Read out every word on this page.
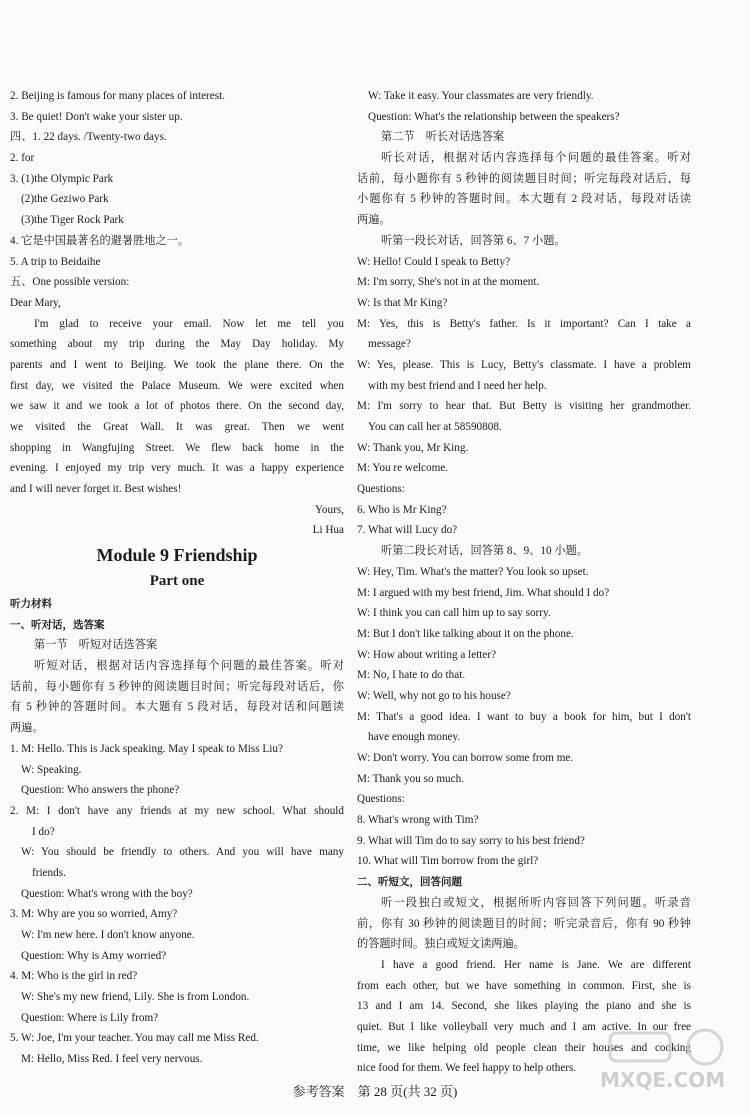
2. Beijing is famous for many places of interest.
3. Be quiet! Don't wake your sister up.
四、1. 22 days. /Twenty-two days.
2. for
3. (1)the Olympic Park
(2)the Geziwo Park
(3)the Tiger Rock Park
4. 它是中国最著名的避暑胜地之一。
5. A trip to Beidaihe
五、One possible version:
Dear Mary,
I'm glad to receive your email. Now let me tell you
something about my trip during the May Day holiday. My
parents and I went to Beijing. We took the plane there. On the
first day, we visited the Palace Museum. We were excited when
we saw it and we took a lot of photos there. On the second day,
we visited the Great Wall. It was great. Then we went
shopping in Wangfujing Street. We flew back home in the
evening. I enjoyed my trip very much. It was a happy experience
and I will never forget it. Best wishes!
Yours,
Li Hua
Module 9 Friendship
Part one
听力材料
一、听对话，选答案
第一节　听短对话选答案
听短对话，根据对话内容选择每个问题的最佳答案。听对
话前，每小题你有 5 秒钟的阅读题目时间；听完每段对话后，你
有 5 秒钟的答题时间。本大题有 5 段对话，每段对话和问题读
两遍。
1. M: Hello. This is Jack speaking. May I speak to Miss Liu?
W: Speaking.
Question: Who answers the phone?
2. M: I don't have any friends at my new school. What should
I do?
W: You should be friendly to others. And you will have many
friends.
Question: What's wrong with the boy?
3. M: Why are you so worried, Amy?
W: I'm new here. I don't know anyone.
Question: Why is Amy worried?
4. M: Who is the girl in red?
W: She's my new friend, Lily. She is from London.
Question: Where is Lily from?
5. W: Joe, I'm your teacher. You may call me Miss Red.
M: Hello, Miss Red. I feel very nervous.
W: Take it easy. Your classmates are very friendly.
Question: What's the relationship between the speakers?
第二节　听长对话选答案
听长对话，根据对话内容选择每个问题的最佳答案。听对
话前，每小题你有 5 秒钟的阅读题目时间；听完每段对话后，每
小题你有 5 秒钟的答题时间。本大题有 2 段对话，每段对话读
两遍。
听第一段长对话，回答第 6、7 小题。
W: Hello! Could I speak to Betty?
M: I'm sorry, She's not in at the moment.
W: Is that Mr King?
M: Yes, this is Betty's father. Is it important? Can I take a
message?
W: Yes, please. This is Lucy, Betty's classmate. I have a problem
with my best friend and I need her help.
M: I'm sorry to hear that. But Betty is visiting her grandmother.
You can call her at 58590808.
W: Thank you, Mr King.
M: You re welcome.
Questions:
6. Who is Mr King?
7. What will Lucy do?
听第二段长对话，回答第 8、9、10 小题。
W: Hey, Tim. What's the matter? You look so upset.
M: I argued with my best friend, Jim. What should I do?
W: I think you can call him up to say sorry.
M: But I don't like talking about it on the phone.
W: How about writing a letter?
M: No, I hate to do that.
W: Well, why not go to his house?
M: That's a good idea. I want to buy a book for him, but I don't
have enough money.
W: Don't worry. You can borrow some from me.
M: Thank you so much.
Questions:
8. What's wrong with Tim?
9. What will Tim do to say sorry to his best friend?
10. What will Tim borrow from the girl?
二、听短文，回答问题
听一段独白或短文，根据所听内容回答下列问题。听录音
前，你有 30 秒钟的阅读题目的时间；听完录音后，你有 90 秒钟
的答题时间。独白或短文读两遍。
I have a good friend. Her name is Jane. We are different
from each other, but we have something in common. First, she is
13 and I am 14. Second, she likes playing the piano and she is
quiet. But I like volleyball very much and I am active. In our free
time, we like helping old people clean their houses and cooking
nice food for them. We feel happy to help others.
参考答案　第 28 页(共 32 页)	MXQE.COM
